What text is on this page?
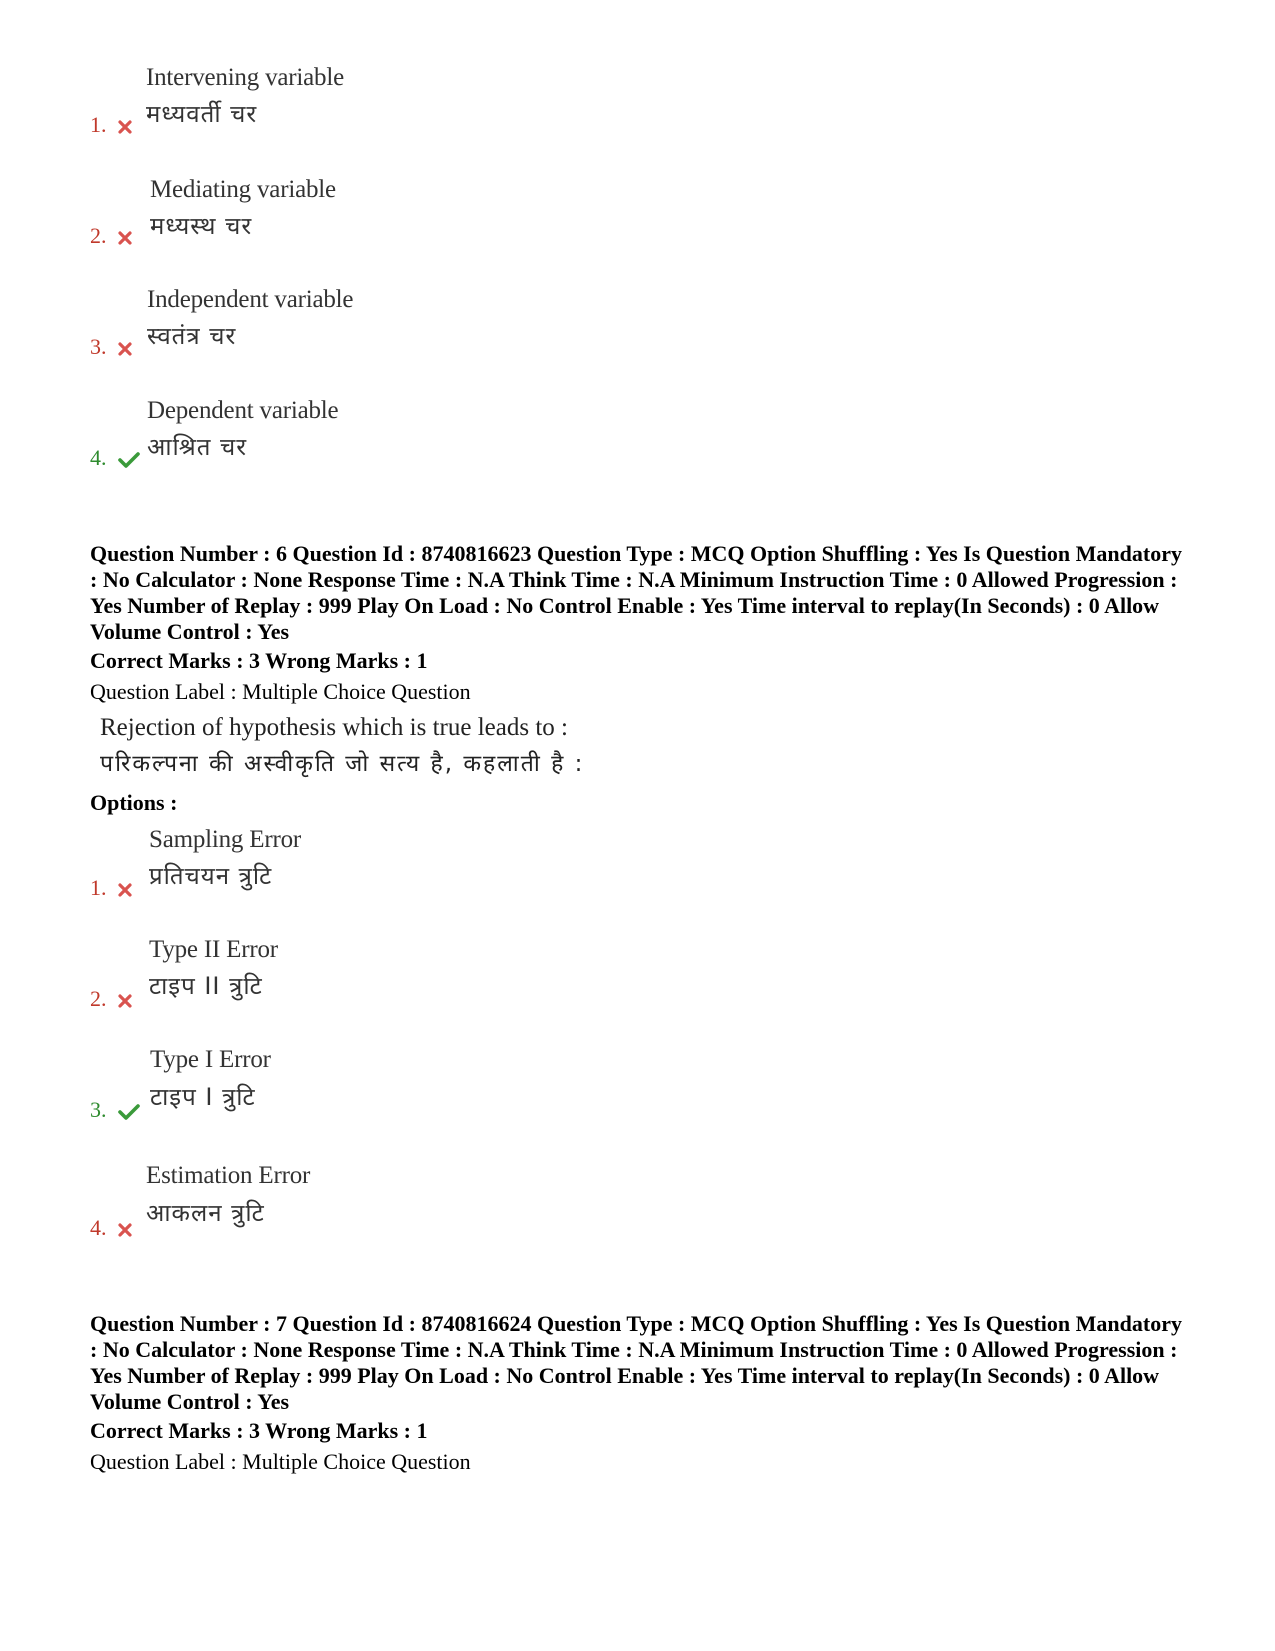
Intervening variable
मध्यवर्ती चर
1.
Mediating variable
मध्यस्थ चर
2.
Independent variable
स्वतंत्र चर
3.
Dependent variable
आश्रित चर
4.
Question Number : 6 Question Id : 8740816623 Question Type : MCQ Option Shuffling : Yes Is Question Mandatory : No Calculator : None Response Time : N.A Think Time : N.A Minimum Instruction Time : 0 Allowed Progression : Yes Number of Replay : 999 Play On Load : No Control Enable : Yes Time interval to replay(In Seconds) : 0 Allow Volume Control : Yes
Correct Marks : 3 Wrong Marks : 1
Question Label : Multiple Choice Question
Rejection of hypothesis which is true leads to :
परिकल्पना की अस्वीकृति जो सत्य है, कहलाती है :
Options :
Sampling Error
प्रतिचयन त्रुटि
1.
Type II Error
टाइप II त्रुटि
2.
Type I Error
टाइप I त्रुटि
3.
Estimation Error
आकलन त्रुटि
4.
Question Number : 7 Question Id : 8740816624 Question Type : MCQ Option Shuffling : Yes Is Question Mandatory : No Calculator : None Response Time : N.A Think Time : N.A Minimum Instruction Time : 0 Allowed Progression : Yes Number of Replay : 999 Play On Load : No Control Enable : Yes Time interval to replay(In Seconds) : 0 Allow Volume Control : Yes
Correct Marks : 3 Wrong Marks : 1
Question Label : Multiple Choice Question
